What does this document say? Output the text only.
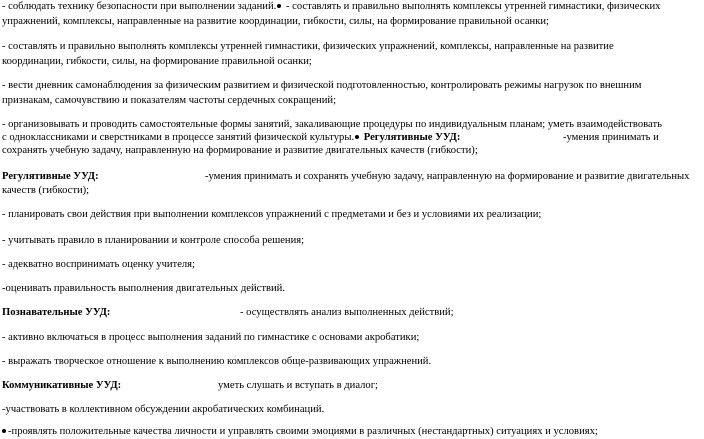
- соблюдать технику безопасности при выполнении заданий. - составлять и правильно выполнять комплексы утренней гимнастики, физических
упражнений, комплексы, направленные на развитие координации, гибкости, силы, на формирование правильной осанки;
- составлять и правильно выполнять комплексы утренней гимнастики, физических упражнений, комплексы, направленные на развитие
координации, гибкости, силы, на формирование правильной осанки;
- вести дневник самонаблюдения за физическим развитием и физической подготовленностью, контролировать режимы нагрузок по внешним
признакам, самочувствию и показателям частоты сердечных сокращений;
- организовывать и проводить самостоятельные формы занятий, закаливающие процедуры по индивидуальным планам; уметь взаимодействовать
с одноклассниками и сверстниками в процессе занятий физической культуры. Регулятивные УУД:	-умения принимать и
сохранять учебную задачу, направленную на формирование и развитие двигательных качеств (гибкости);
Регулятивные УУД:	-умения принимать и сохранять учебную задачу, направленную на формирование и развитие двигательных
качеств (гибкости);
- планировать свои действия при выполнении комплексов упражнений с предметами и без и условиями их реализации;
- учитывать правило в планировании и контроле способа решения;
- адекватно воспринимать оценку учителя;
-оценивать правильность выполнения двигательных действий.
Познавательные УУД:	- осуществлять анализ выполненных действий;
- активно включаться в процесс выполнения заданий по гимнастике с основами акробатики;
- выражать творческое отношение к выполнению комплексов обще-развивающих упражнений.
Коммуникативные УУД:	уметь слушать и вступать в диалог;
-участвовать в коллективном обсуждении акробатических комбинаций.
-проявлять положительные качества личности и управлять своими эмоциями в различных (нестандартных) ситуациях и условиях;
